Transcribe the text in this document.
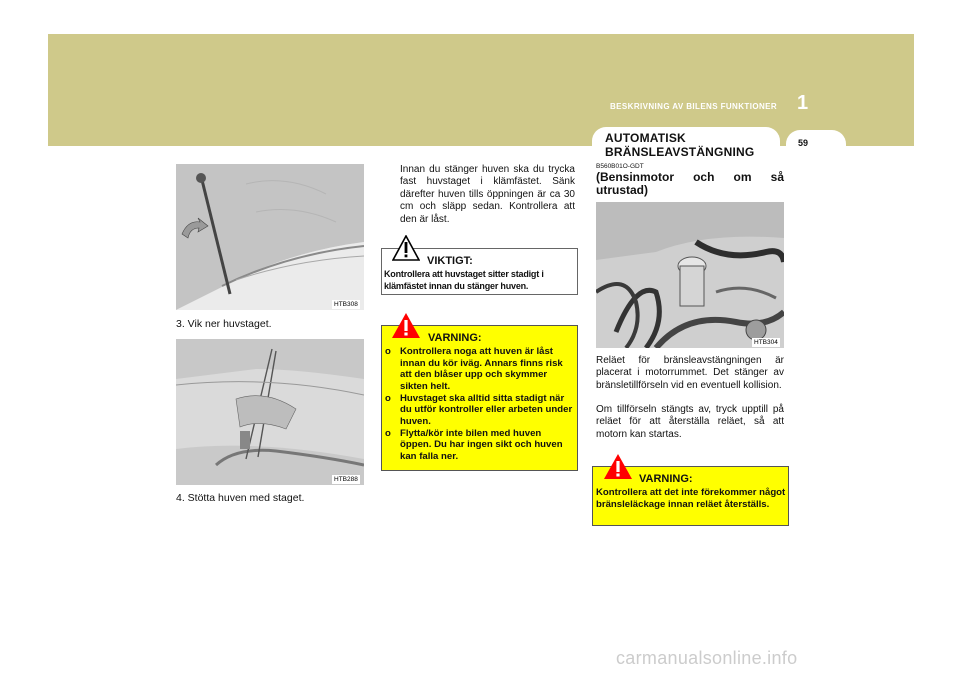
BESKRIVNING AV BILENS FUNKTIONER 1
59
AUTOMATISK
BRÄNSLEAVSTÄNGNING
HTB308
3. Vik ner huvstaget.
HTB288
4. Stötta huven med staget.
Innan du stänger huven ska du trycka fast huvstaget i klämfästet. Sänk därefter huven tills öppningen är ca 30 cm och släpp sedan. Kontrollera att den är låst.
VIKTIGT:
Kontrollera att huvstaget sitter stadigt i klämfästet innan du stänger huven.
VARNING:
o Kontrollera noga att huven är låst innan du kör iväg. Annars finns risk att den blåser upp och skymmer sikten helt.
o Huvstaget ska alltid sitta stadigt när du utför kontroller eller arbeten under huven.
o Flytta/kör inte bilen med huven öppen. Du har ingen sikt och huven kan falla ner.
B560B01O-GDT
(Bensinmotor och om så utrustad)
HTB304
Reläet för bränsleavstängningen är placerat i motorrummet. Det stänger av bränsletillförseln vid en eventuell kollision.
Om tillförseln stängts av, tryck upptill på reläet för att återställa reläet, så att motorn kan startas.
VARNING:
Kontrollera att det inte förekommer något bränsleläckage innan reläet återställs.
carmanualsonline.info
